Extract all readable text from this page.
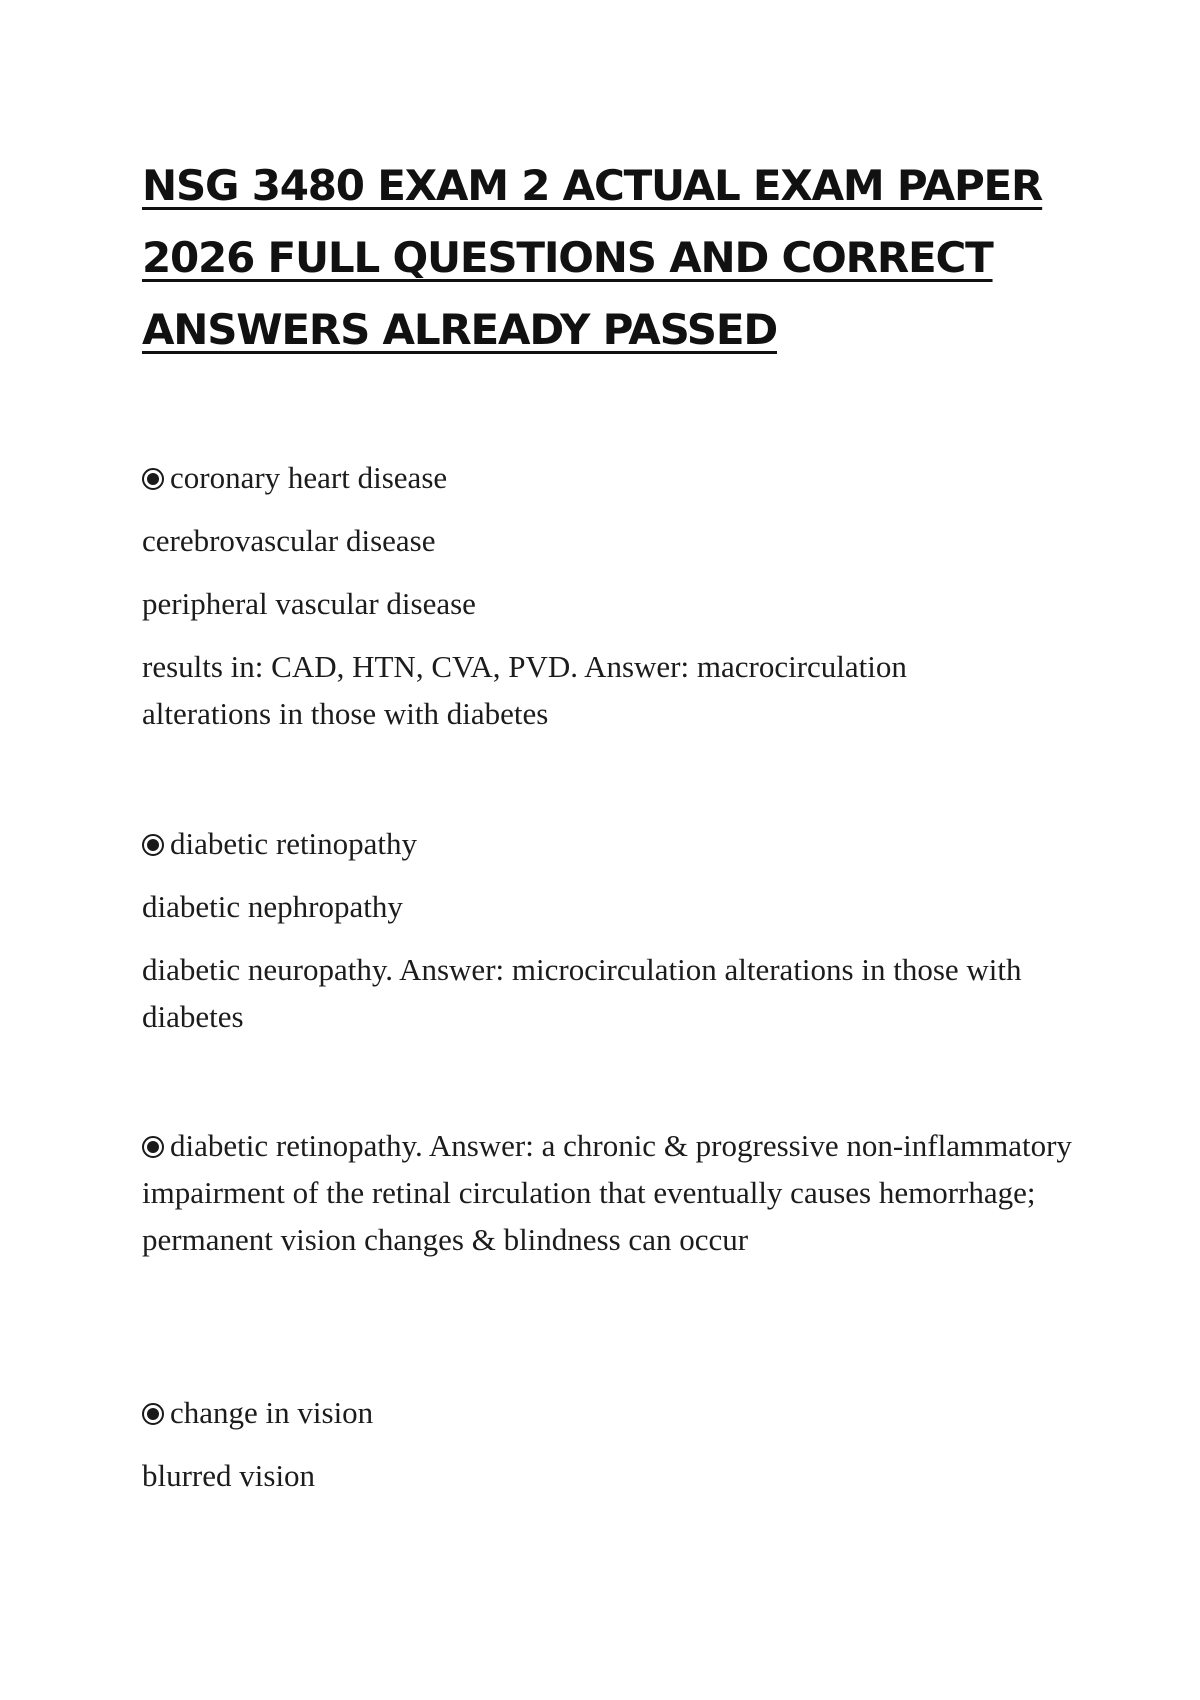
NSG 3480 EXAM 2 ACTUAL EXAM PAPER 2026 FULL QUESTIONS AND CORRECT ANSWERS ALREADY PASSED

coronary heart disease

cerebrovascular disease

peripheral vascular disease

results in: CAD, HTN, CVA, PVD. Answer: macrocirculation alterations in those with diabetes

diabetic retinopathy

diabetic nephropathy

diabetic neuropathy. Answer: microcirculation alterations in those with diabetes

diabetic retinopathy. Answer: a chronic & progressive non-inflammatory impairment of the retinal circulation that eventually causes hemorrhage; permanent vision changes & blindness can occur

change in vision

blurred vision
